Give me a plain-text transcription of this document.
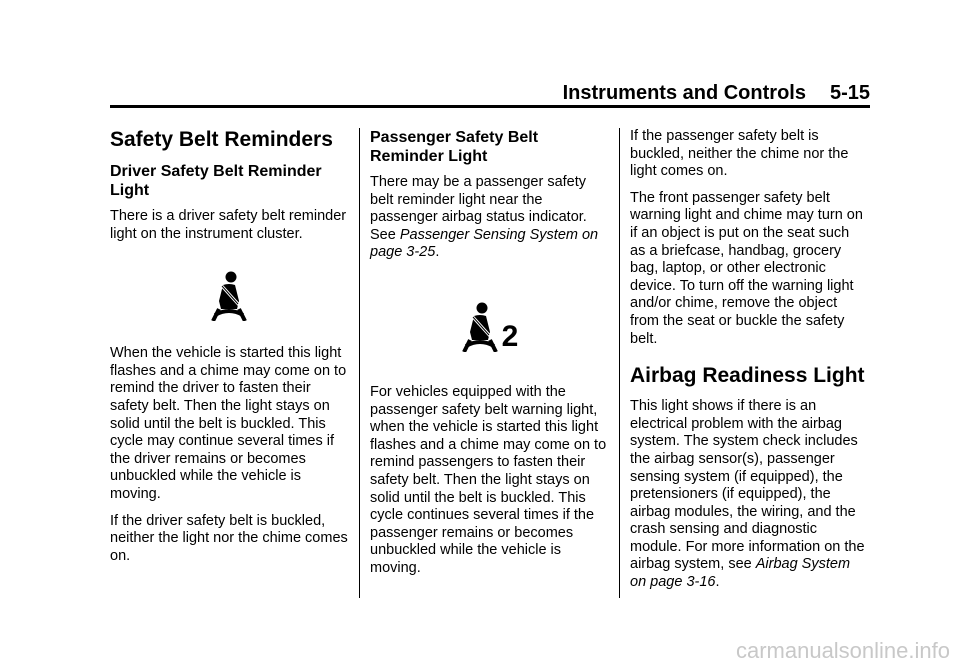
Instruments and Controls 5-15
Safety Belt Reminders
Driver Safety Belt Reminder Light

There is a driver safety belt reminder light on the instrument cluster.

When the vehicle is started this light flashes and a chime may come on to remind the driver to fasten their safety belt. Then the light stays on solid until the belt is buckled. This cycle may continue several times if the driver remains or becomes unbuckled while the vehicle is moving.

If the driver safety belt is buckled, neither the light nor the chime comes on.

Passenger Safety Belt Reminder Light

There may be a passenger safety belt reminder light near the passenger airbag status indicator.
See Passenger Sensing System on page 3-25.

2

For vehicles equipped with the passenger safety belt warning light, when the vehicle is started this light flashes and a chime may come on to remind passengers to fasten their safety belt. Then the light stays on solid until the belt is buckled. This cycle continues several times if the passenger remains or becomes unbuckled while the vehicle is moving.

If the passenger safety belt is buckled, neither the chime nor the light comes on.

The front passenger safety belt warning light and chime may turn on if an object is put on the seat such as a briefcase, handbag, grocery bag, laptop, or other electronic device. To turn off the warning light and/or chime, remove the object from the seat or buckle the safety belt.

Airbag Readiness Light

This light shows if there is an electrical problem with the airbag system. The system check includes the airbag sensor(s), passenger sensing system (if equipped), the pretensioners (if equipped), the airbag modules, the wiring, and the crash sensing and diagnostic module. For more information on the airbag system, see Airbag System on page 3-16.

carmanualsonline.info
